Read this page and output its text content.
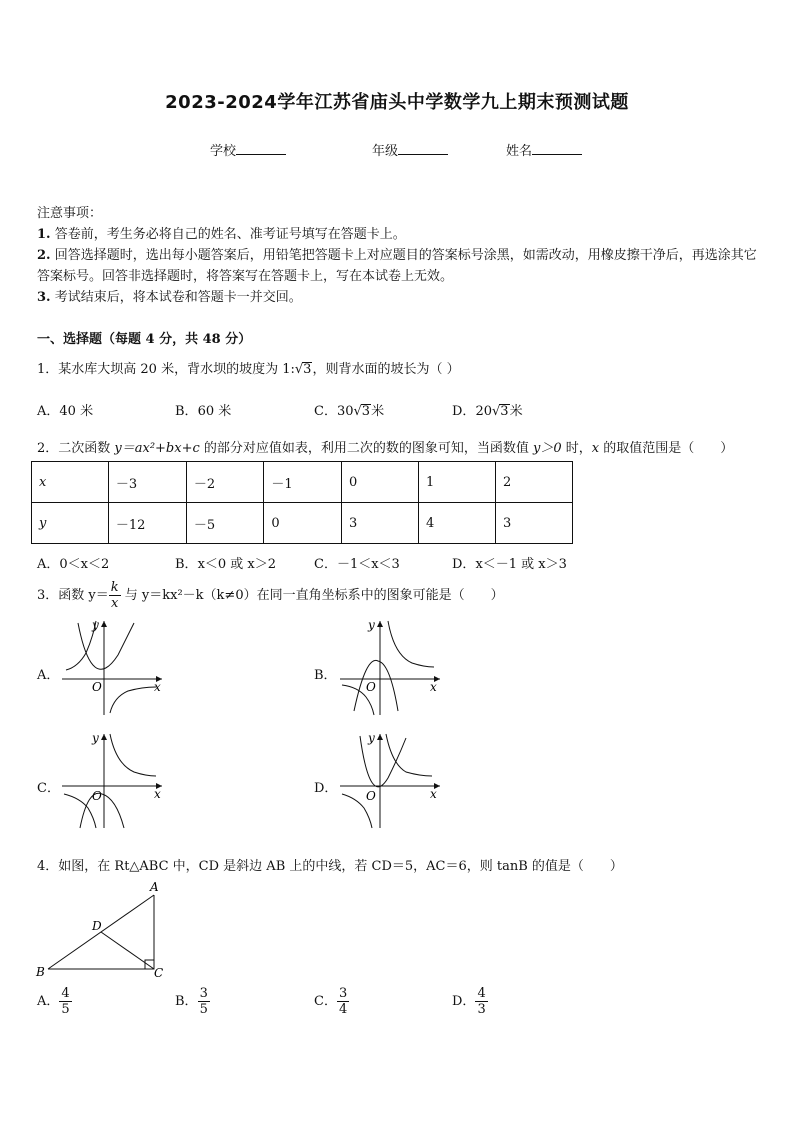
2023-2024学年江苏省庙头中学数学九上期末预测试题
学校	年级	姓名
注意事项：
1. 答卷前，考生务必将自己的姓名、准考证号填写在答题卡上。
2. 回答选择题时，选出每小题答案后，用铅笔把答题卡上对应题目的答案标号涂黑，如需改动，用橡皮擦干净后，再选涂其它答案标号。回答非选择题时，将答案写在答题卡上，写在本试卷上无效。
3. 考试结束后，将本试卷和答题卡一并交回。
一、选择题（每题 4 分，共 48 分）
1．某水库大坝高 20 米，背水坝的坡度为 1:√3，则背水面的坡长为（ ）
A．40 米	B．60 米	C．30√3米	D．20√3米
2．二次函数 y＝ax²+bx+c 的部分对应值如表，利用二次的数的图象可知，当函数值 y＞0 时，x 的取值范围是（　　）
x	－3	－2	－1	0	1	2
y	－12	－5	0	3	4	3
A．0＜x＜2	B．x＜0 或 x＞2	C．－1＜x＜3	D．x＜－1 或 x＞3
3．函数 $y= \frac{k}{x}$ 与 y＝kx²－k（k≠0）在同一直角坐标系中的图象可能是（　　）
A．	B．
C．	D．
y
x
O
y
x
O
y
x
O
y
x
O
4．如图，在 Rt△ABC 中，CD 是斜边 AB 上的中线，若 CD＝5，AC＝6，则 tanB 的值是（　　）
A
B	C
D
A． $\frac{4}{5}$	B． $\frac{3}{5}$	C． $\frac{3}{4}$	D． $\frac{4}{3}$
